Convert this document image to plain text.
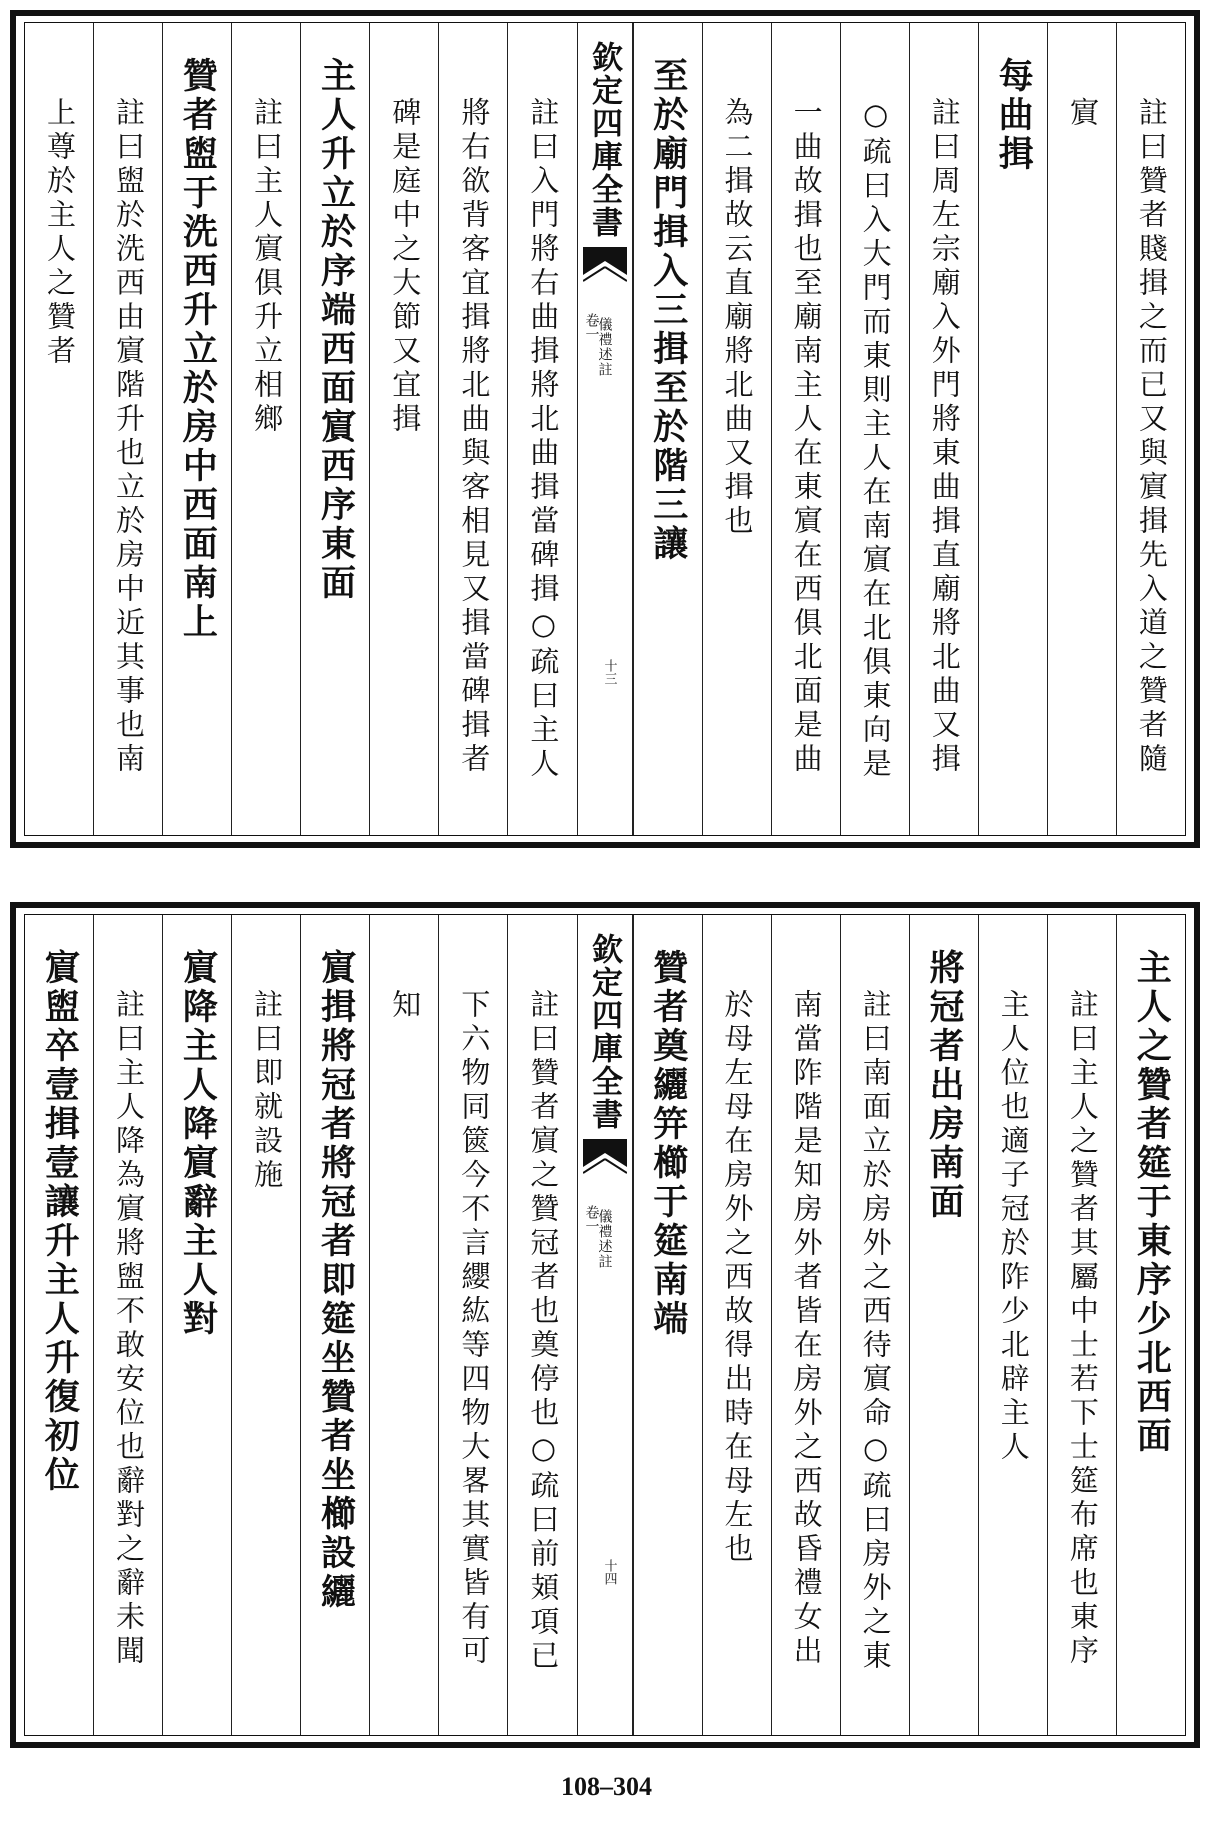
註曰贊者賤揖之而已又與賔揖先入道之贊者隨
賔
每曲揖
註曰周左宗廟入外門將東曲揖直廟將北曲又揖
○疏曰入大門而東則主人在南賔在北俱東向是
一曲故揖也至廟南主人在東賔在西俱北面是曲
為二揖故云直廟將北曲又揖也
至於廟門揖入三揖至於階三讓
欽定四庫全書
儀禮述註
卷一
十三
註曰入門將右曲揖將北曲揖當碑揖○疏曰主人
將右欲背客宜揖將北曲與客相見又揖當碑揖者
碑是庭中之大節又宜揖
主人升立於序端西面賔西序東面
註曰主人賔俱升立相鄉
贊者盥于洗西升立於房中西面南上
註曰盥於洗西由賔階升也立於房中近其事也南
上尊於主人之贊者
主人之贊者筵于東序少北西面
註曰主人之贊者其屬中士若下士筵布席也東序
主人位也適子冠於阼少北辟主人
將冠者出房南面
註曰南面立於房外之西待賔命○疏曰房外之東
南當阼階是知房外者皆在房外之西故昏禮女出
於母左母在房外之西故得出時在母左也
贊者奠纚笄櫛于筵南端
欽定四庫全書
儀禮述註
卷一
十四
註曰贊者賔之贊冠者也奠停也○疏曰前頍項已
下六物同篋今不言纓紘等四物大畧其實皆有可
知
賔揖將冠者將冠者即筵坐贊者坐櫛設纚
註曰即就設施
賔降主人降賔辭主人對
註曰主人降為賔將盥不敢安位也辭對之辭未聞
賔盥卒壹揖壹讓升主人升復初位
108–304
